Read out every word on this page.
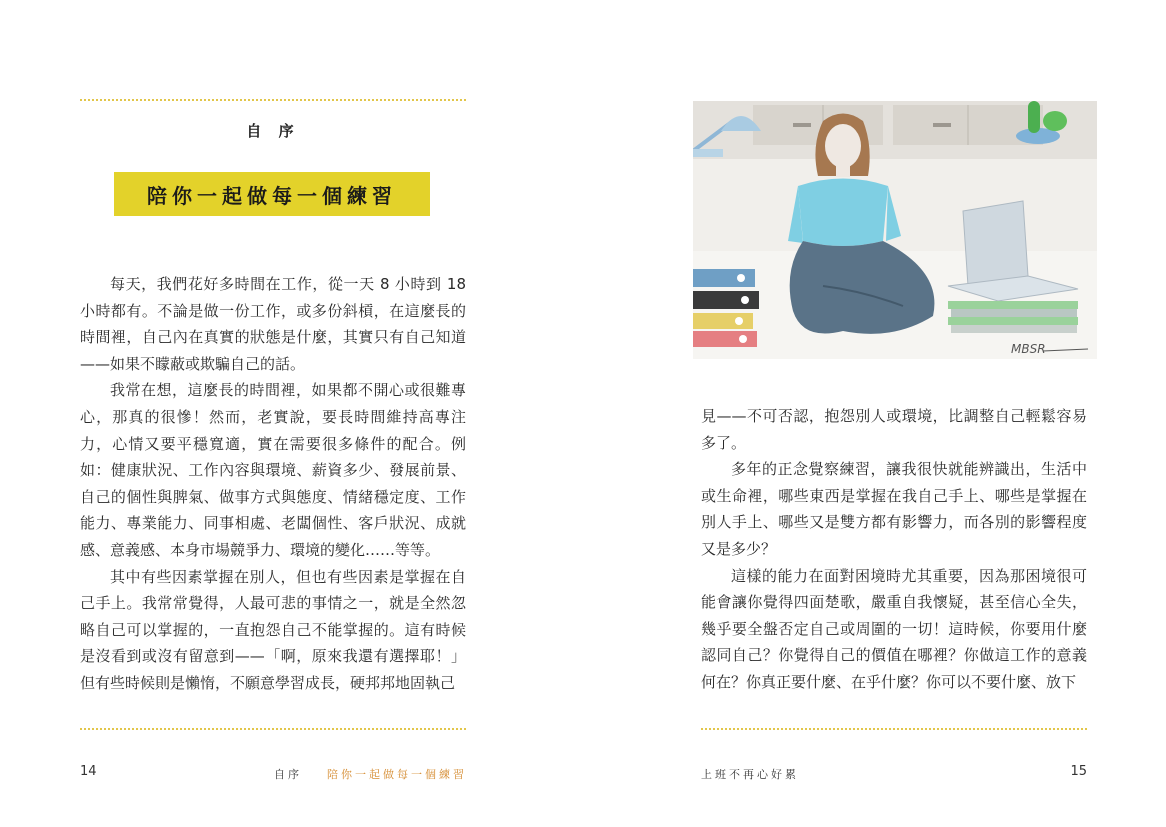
自 序
陪你一起做每一個練習

每天，我們花好多時間在工作，從一天 8 小時到 18 小時都有。不論是做一份工作，或多份斜槓，在這麼長的時間裡，自己內在真實的狀態是什麼，其實只有自己知道——如果不矇蔽或欺騙自己的話。

我常在想，這麼長的時間裡，如果都不開心或很難專心，那真的很慘！然而，老實說，要長時間維持高專注力，心情又要平穩寬適，實在需要很多條件的配合。例如：健康狀況、工作內容與環境、薪資多少、發展前景、自己的個性與脾氣、做事方式與態度、情緒穩定度、工作能力、專業能力、同事相處、老闆個性、客戶狀況、成就感、意義感、本身市場競爭力、環境的變化……等等。

其中有些因素掌握在別人，但也有些因素是掌握在自己手上。我常常覺得，人最可悲的事情之一，就是全然忽略自己可以掌握的，一直抱怨自己不能掌握的。這有時候是沒看到或沒有留意到——「啊，原來我還有選擇耶！」但有些時候則是懶惰，不願意學習成長，硬邦邦地固執己

14	自序 陪你一起做每一個練習
MBSR

見——不可否認，抱怨別人或環境，比調整自己輕鬆容易多了。

多年的正念覺察練習，讓我很快就能辨識出，生活中或生命裡，哪些東西是掌握在我自己手上、哪些是掌握在別人手上、哪些又是雙方都有影響力，而各別的影響程度又是多少？

這樣的能力在面對困境時尤其重要，因為那困境很可能會讓你覺得四面楚歌，嚴重自我懷疑，甚至信心全失，幾乎要全盤否定自己或周圍的一切！這時候，你要用什麼認同自己？你覺得自己的價值在哪裡？你做這工作的意義何在？你真正要什麼、在乎什麼？你可以不要什麼、放下

上班不再心好累	15
